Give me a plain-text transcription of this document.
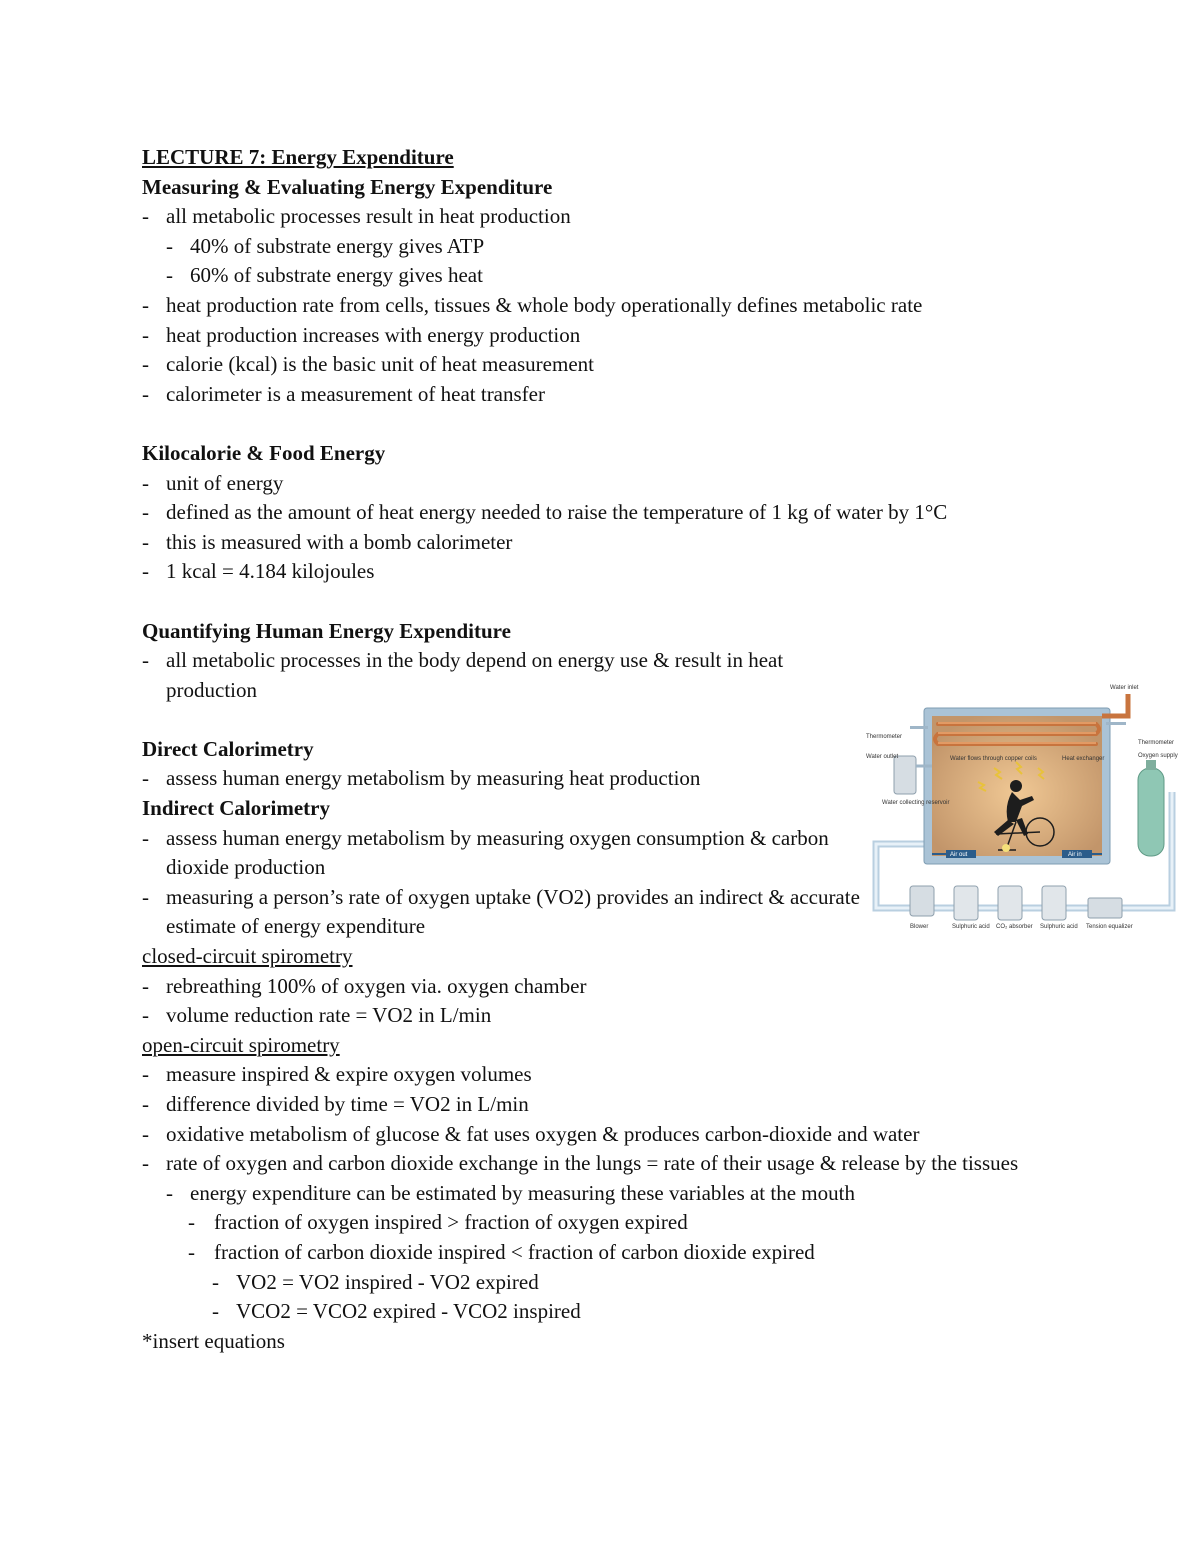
LECTURE 7: Energy Expenditure
Measuring & Evaluating Energy Expenditure
- all metabolic processes result in heat production
- 40% of substrate energy gives ATP
- 60% of substrate energy gives heat
- heat production rate from cells, tissues & whole body operationally defines metabolic rate
- heat production increases with energy production
- calorie (kcal) is the basic unit of heat measurement
- calorimeter is a measurement of heat transfer
Kilocalorie & Food Energy
- unit of energy
- defined as the amount of heat energy needed to raise the temperature of 1 kg of water by 1°C
- this is measured with a bomb calorimeter
- 1 kcal = 4.184 kilojoules
Quantifying Human Energy Expenditure
- all metabolic processes in the body depend on energy use & result in heat production
Direct Calorimetry
- assess human energy metabolism by measuring heat production
Indirect Calorimetry
- assess human energy metabolism by measuring oxygen consumption & carbon dioxide production
- measuring a person’s rate of oxygen uptake (VO2) provides an indirect & accurate estimate of energy expenditure
closed-circuit spirometry
- rebreathing 100% of oxygen via. oxygen chamber
- volume reduction rate = VO2 in L/min
open-circuit spirometry
- measure inspired & expire oxygen volumes
- difference divided by time = VO2 in L/min
- oxidative metabolism of glucose & fat uses oxygen & produces carbon-dioxide and water
- rate of oxygen and carbon dioxide exchange in the lungs = rate of their usage & release by the tissues
- energy expenditure can be estimated by measuring these variables at the mouth
- fraction of oxygen inspired > fraction of oxygen expired
- fraction of carbon dioxide inspired < fraction of carbon dioxide expired
- VO2 = VO2 inspired - VO2 expired
- VCO2 = VCO2 expired - VCO2 inspired
*insert equations
Water inlet
Thermometer
Thermometer
Water outlet	Oxygen supply
Water flows through copper coils	Heat exchanger
Water collecting reservoir
Air out	Air in
Blower	Sulphuric acid CO₂ absorber Sulphuric acid Tension equalizer
